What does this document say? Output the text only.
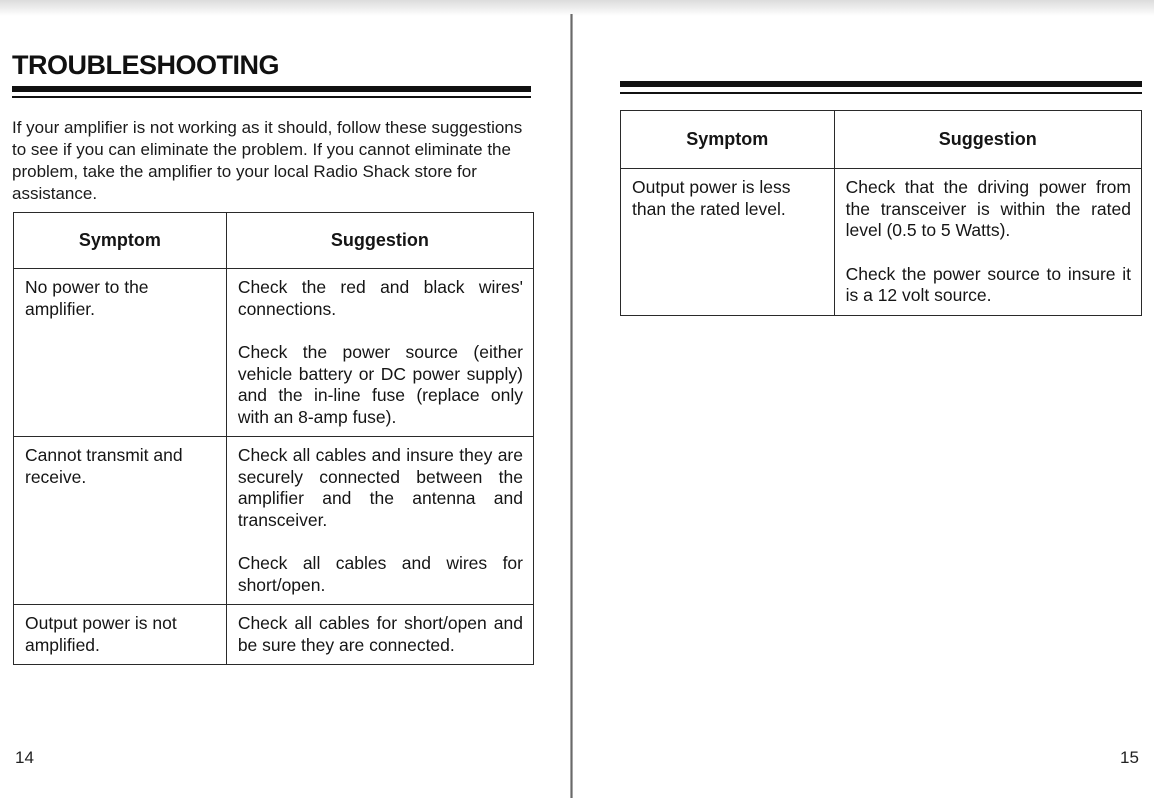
TROUBLESHOOTING

If your amplifier is not working as it should, follow these suggestions to see if you can eliminate the problem. If you cannot eliminate the problem, take the amplifier to your local Radio Shack store for assistance.

Symptom	Suggestion

No power to the amplifier.	Check the red and black wires' connections.

Check the power source (either vehicle battery or DC power supply) and the in-line fuse (replace only with an 8-amp fuse).

Cannot transmit and receive.	Check all cables and insure they are securely connected between the amplifier and the antenna and transceiver.

Check all cables and wires for short/open.

Output power is not amplified.	Check all cables for short/open and be sure they are connected.

14

Symptom	Suggestion

Output power is less than the rated level.	Check that the driving power from the transceiver is within the rated level (0.5 to 5 Watts).

Check the power source to insure it is a 12 volt source.

15
